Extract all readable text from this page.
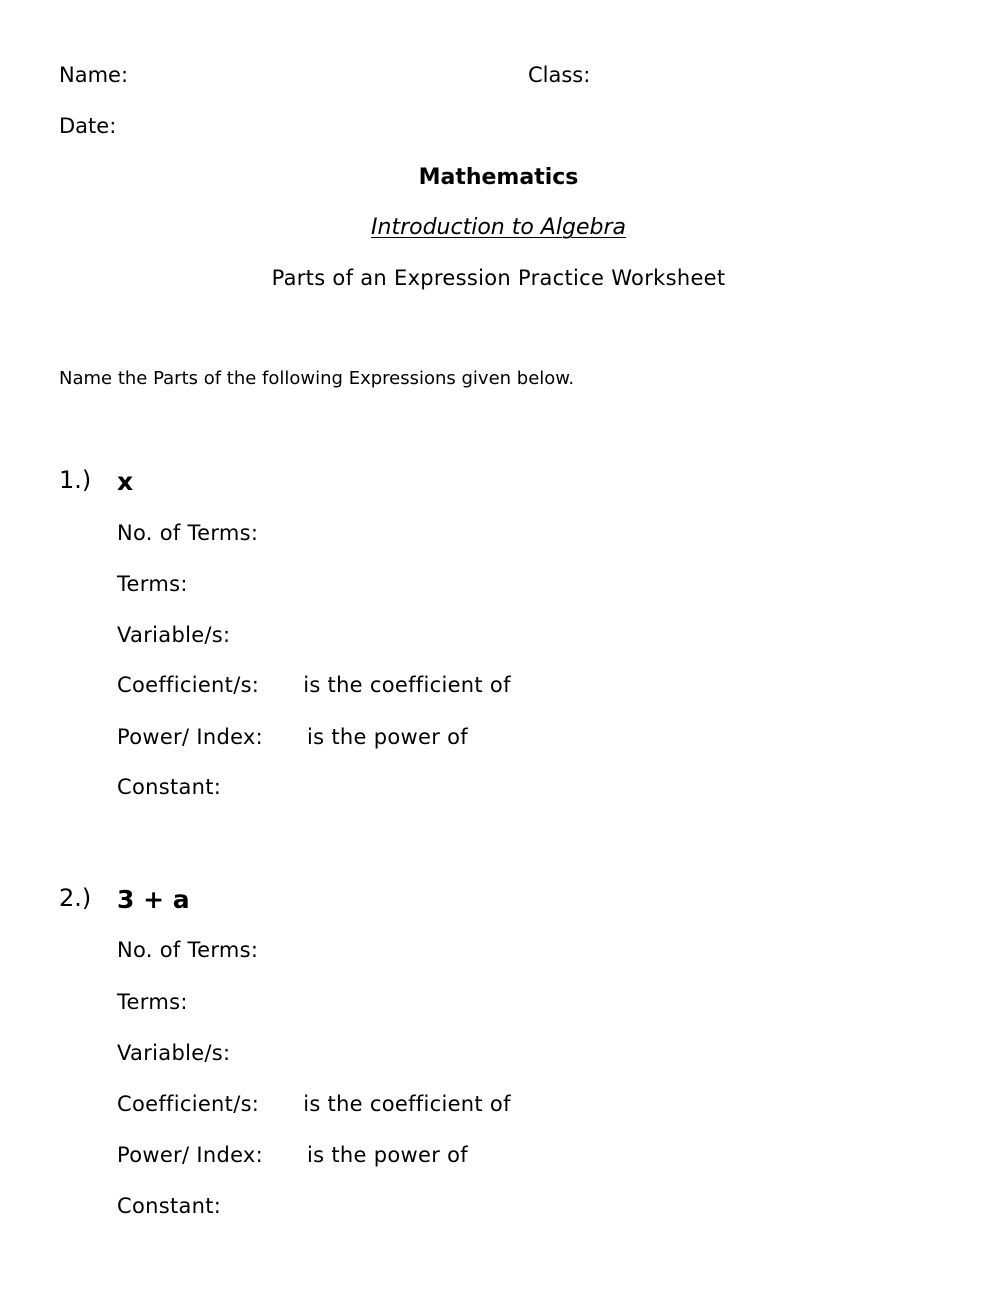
Name:	Class:
Date:
Mathematics
Introduction to Algebra
Parts of an Expression Practice Worksheet
Name the Parts of the following Expressions given below.
1.) x
No. of Terms:
Terms:
Variable/s:
Coefficient/s: is the coefficient of
Power/ Index: is the power of
Constant:
2.) 3 + a
No. of Terms:
Terms:
Variable/s:
Coefficient/s: is the coefficient of
Power/ Index: is the power of
Constant:
